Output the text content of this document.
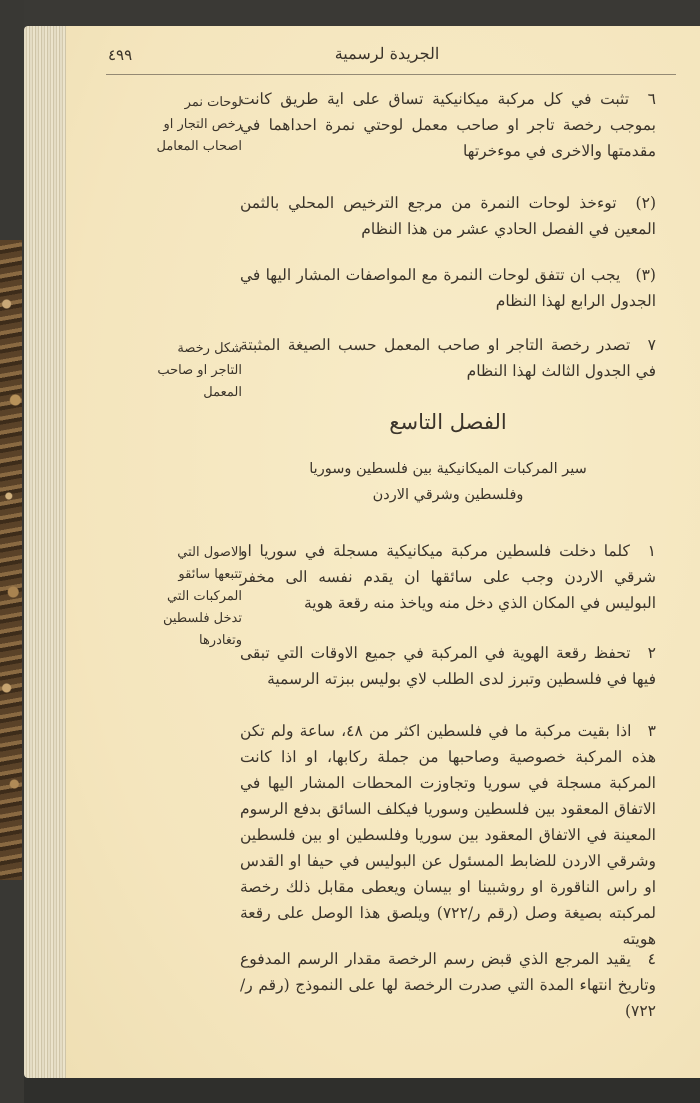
الجريدة لرسمية
٤٩٩
٦ تثبت في كل مركبة ميكانيكية تساق على اية طريق كانت بموجب رخصة تاجر او صاحب معمل لوحتي نمرة احداهما في مقدمتها والاخرى في موءخرتها
لوحات نمر رخص التجار او اصحاب المعامل
(٢) توءخذ لوحات النمرة من مرجع الترخيص المحلي بالثمن المعين في الفصل الحادي عشر من هذا النظام
(٣) يجب ان تتفق لوحات النمرة مع المواصفات المشار اليها في الجدول الرابع لهذا النظام
٧ تصدر رخصة التاجر او صاحب المعمل حسب الصيغة المثبتة في الجدول الثالث لهذا النظام
شكل رخصة التاجر او صاحب المعمل
الفصل التاسع
سير المركبات الميكانيكية بين فلسطين وسوريا
وفلسطين وشرقي الاردن
١ كلما دخلت فلسطين مركبة ميكانيكية مسجلة في سوريا او شرقي الاردن وجب على سائقها ان يقدم نفسه الى مخفر البوليس في المكان الذي دخل منه وياخذ منه رقعة هوية
الاصول التي تتبعها سائقو المركبات التي تدخل فلسطين وتغادرها
٢ تحفظ رقعة الهوية في المركبة في جميع الاوقات التي تبقى فيها في فلسطين وتبرز لدى الطلب لاي بوليس ببزته الرسمية
٣ اذا بقيت مركبة ما في فلسطين اكثر من ٤٨، ساعة ولم تكن هذه المركبة خصوصية وصاحبها من جملة ركابها، او اذا كانت المركبة مسجلة في سوريا وتجاوزت المحطات المشار اليها في الاتفاق المعقود بين فلسطين وسوريا فيكلف السائق بدفع الرسوم المعينة في الاتفاق المعقود بين سوريا وفلسطين او بين فلسطين وشرقي الاردن للضابط المسئول عن البوليس في حيفا او القدس او راس الناقورة او روشبينا او بيسان ويعطى مقابل ذلك رخصة لمركبته بصيغة وصل (رقم ر/٧٢٢) ويلصق هذا الوصل على رقعة هويته
٤ يقيد المرجع الذي قبض رسم الرخصة مقدار الرسم المدفوع وتاريخ انتهاء المدة التي صدرت الرخصة لها على النموذج (رقم ر/ ٧٢٢)
